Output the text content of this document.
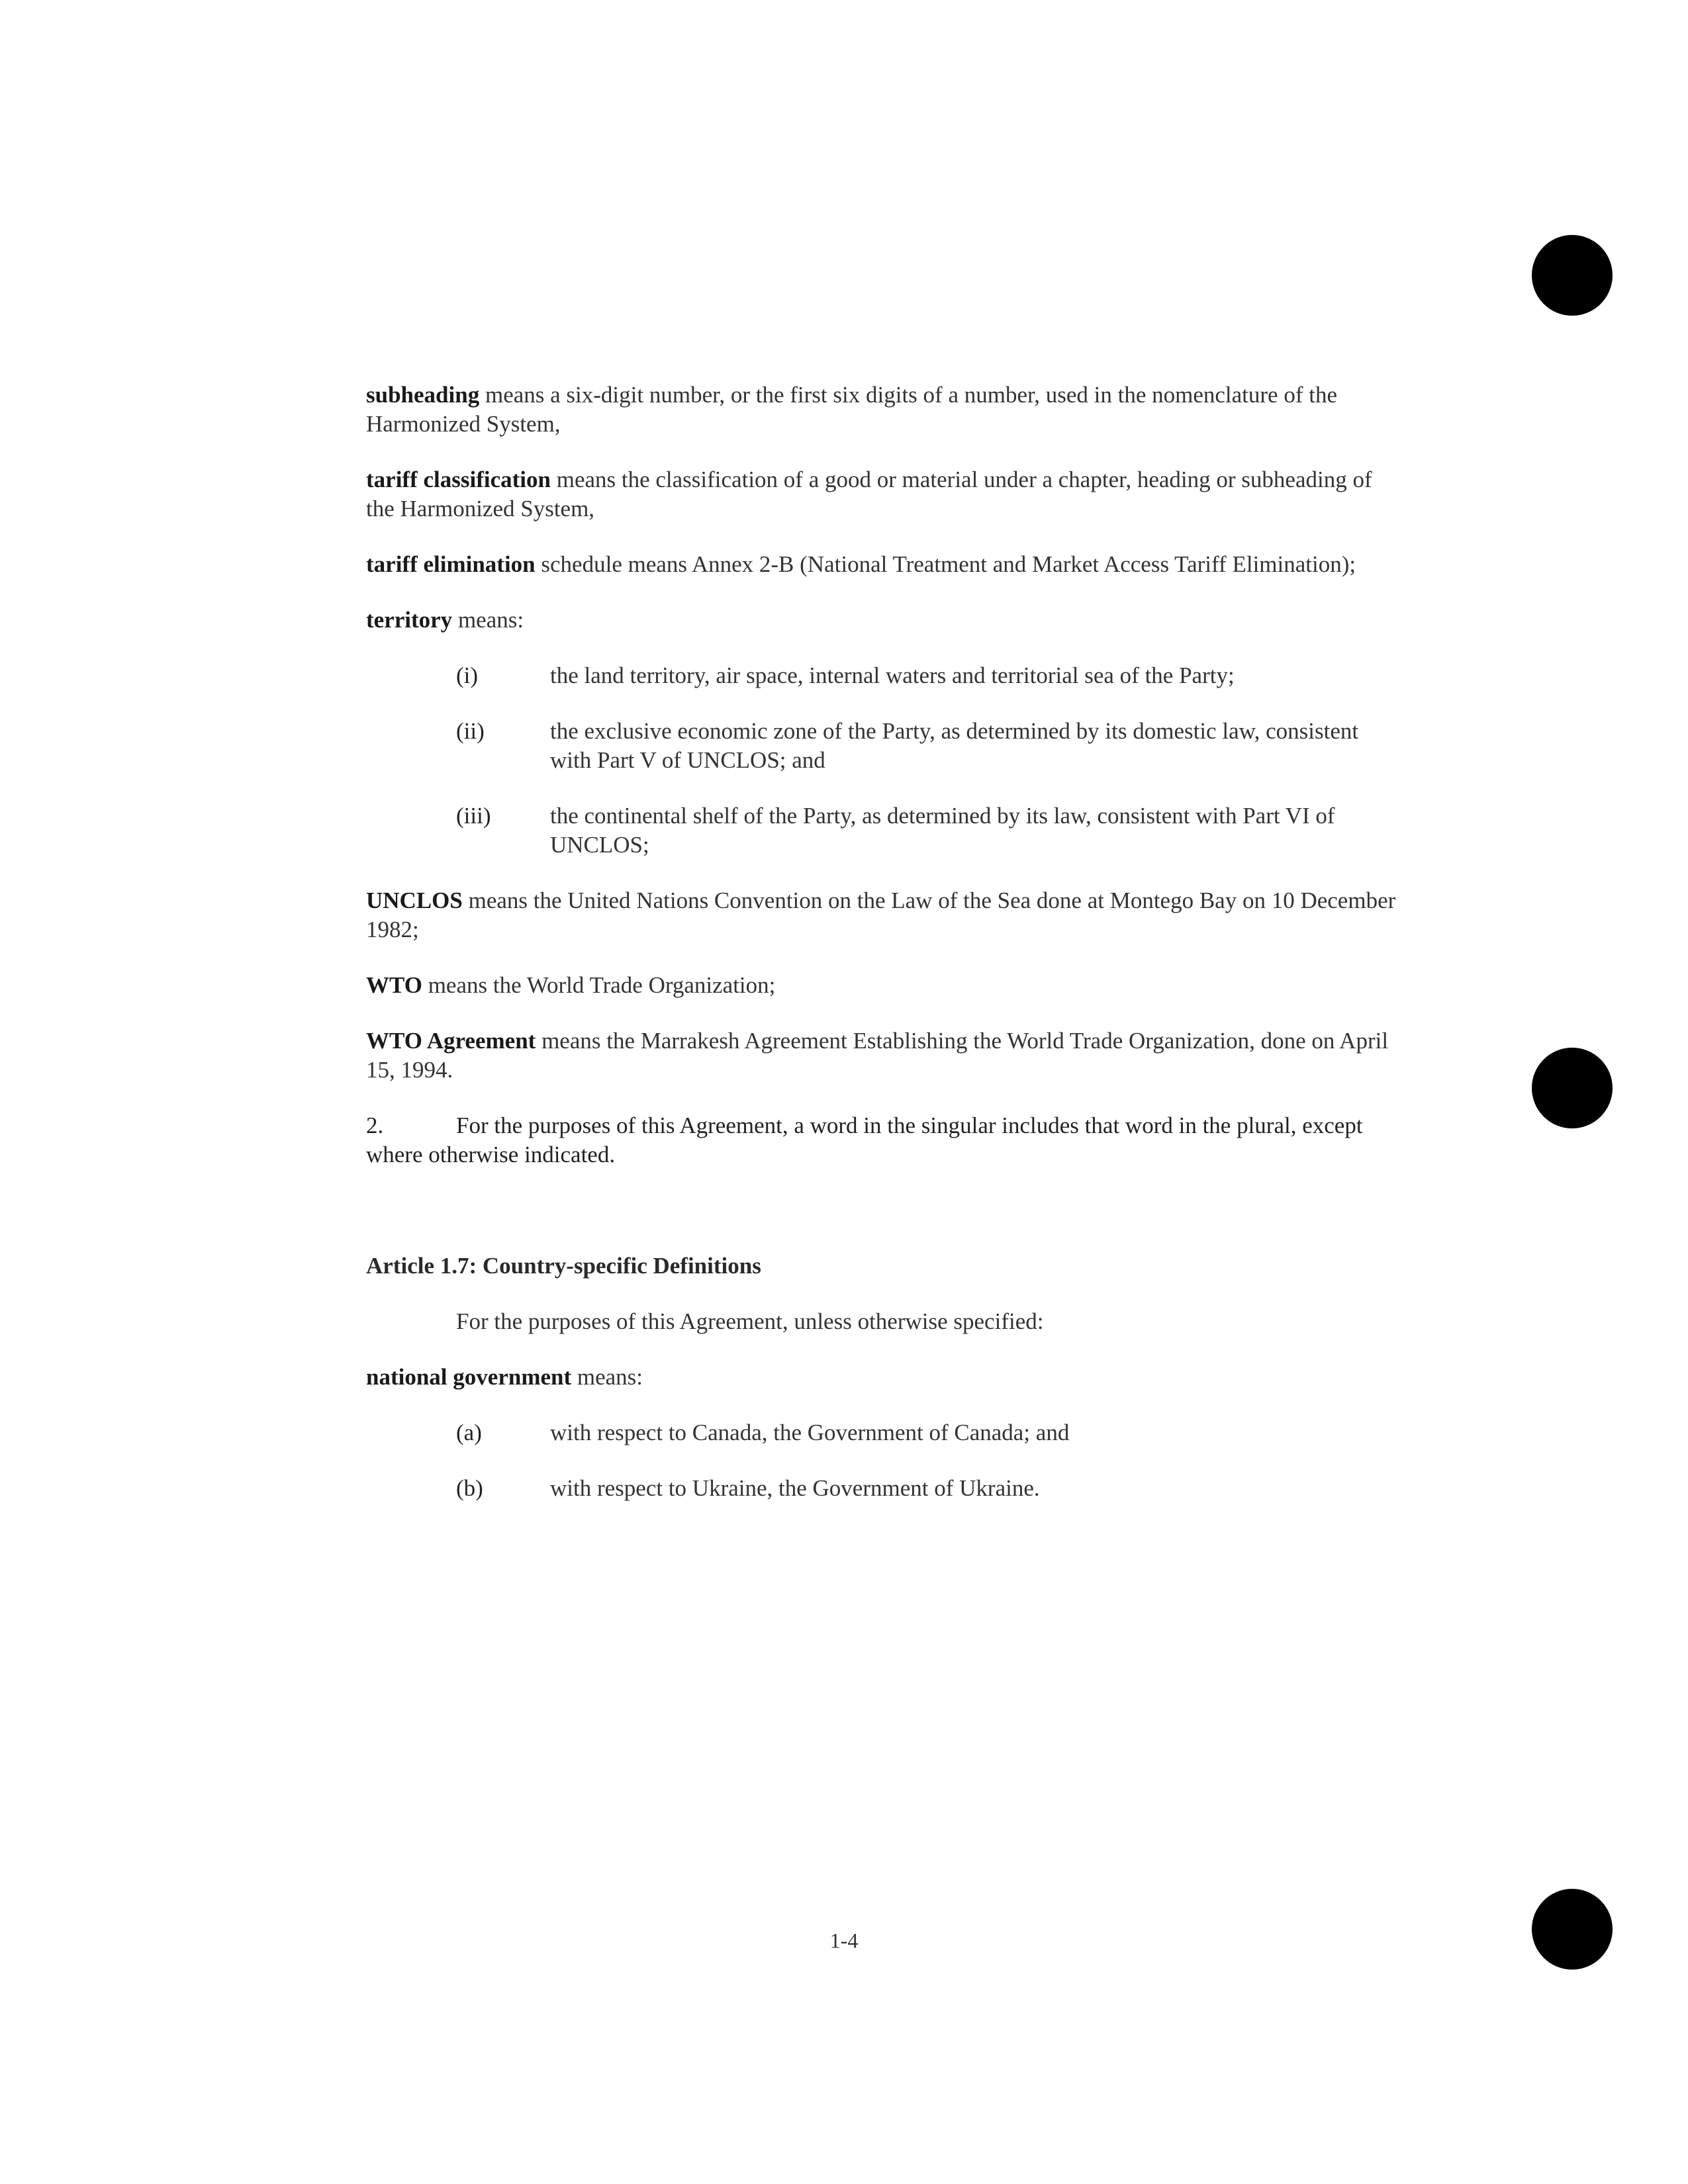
subheading means a six-digit number, or the first six digits of a number, used in the nomenclature of the Harmonized System,

tariff classification means the classification of a good or material under a chapter, heading or subheading of the Harmonized System,

tariff elimination schedule means Annex 2-B (National Treatment and Market Access Tariff Elimination);

territory means:

(i)	the land territory, air space, internal waters and territorial sea of the Party;

(ii)	the exclusive economic zone of the Party, as determined by its domestic law, consistent with Part V of UNCLOS; and

(iii)	the continental shelf of the Party, as determined by its law, consistent with Part VI of UNCLOS;

UNCLOS means the United Nations Convention on the Law of the Sea done at Montego Bay on 10 December 1982;

WTO means the World Trade Organization;

WTO Agreement means the Marrakesh Agreement Establishing the World Trade Organization, done on April 15, 1994.

2.	For the purposes of this Agreement, a word in the singular includes that word in the plural, except where otherwise indicated.

Article 1.7: Country-specific Definitions

For the purposes of this Agreement, unless otherwise specified:

national government means:

(a)	with respect to Canada, the Government of Canada; and

(b)	with respect to Ukraine, the Government of Ukraine.

1-4
